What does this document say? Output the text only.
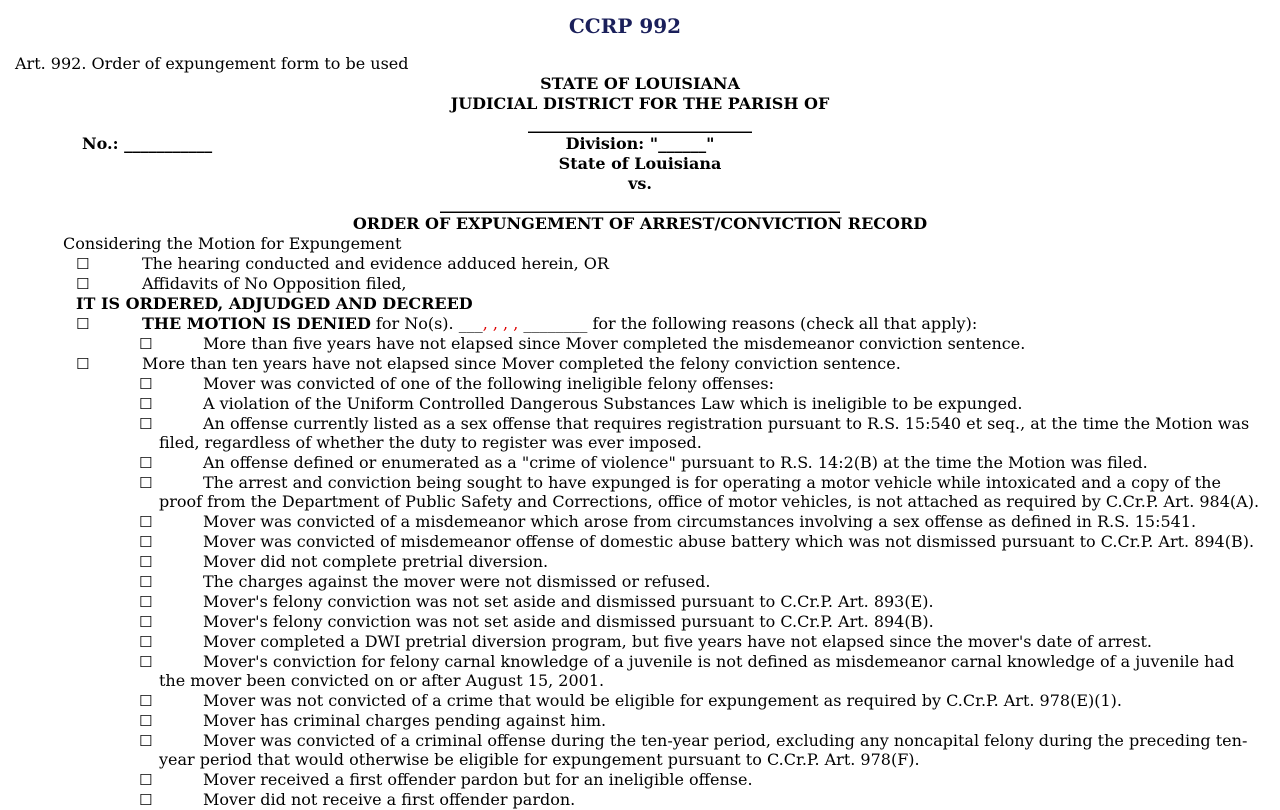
CCRP 992
Art. 992. Order of expungement form to be used
STATE OF LOUISIANA
JUDICIAL DISTRICT FOR THE PARISH OF
____________________________
Division: "______"
No.: ___________
State of Louisiana
vs.
__________________________________________________
ORDER OF EXPUNGEMENT OF ARREST/CONVICTION RECORD
Considering the Motion for Expungement
☐	The hearing conducted and evidence adduced herein, OR
☐	Affidavits of No Opposition filed,
IT IS ORDERED, ADJUDGED AND DECREED
☐	THE MOTION IS DENIED for No(s). ___, , , , ________ for the following reasons (check all that apply):
☐	More than five years have not elapsed since Mover completed the misdemeanor conviction sentence.
☐	More than ten years have not elapsed since Mover completed the felony conviction sentence.
☐	Mover was convicted of one of the following ineligible felony offenses:
☐	A violation of the Uniform Controlled Dangerous Substances Law which is ineligible to be expunged.
☐	An offense currently listed as a sex offense that requires registration pursuant to R.S. 15:540 et seq., at the time the Motion was
filed, regardless of whether the duty to register was ever imposed.
☐	An offense defined or enumerated as a "crime of violence" pursuant to R.S. 14:2(B) at the time the Motion was filed.
☐	The arrest and conviction being sought to have expunged is for operating a motor vehicle while intoxicated and a copy of the
proof from the Department of Public Safety and Corrections, office of motor vehicles, is not attached as required by C.Cr.P. Art. 984(A).
☐	Mover was convicted of a misdemeanor which arose from circumstances involving a sex offense as defined in R.S. 15:541.
☐	Mover was convicted of misdemeanor offense of domestic abuse battery which was not dismissed pursuant to C.Cr.P. Art. 894(B).
☐	Mover did not complete pretrial diversion.
☐	The charges against the mover were not dismissed or refused.
☐	Mover's felony conviction was not set aside and dismissed pursuant to C.Cr.P. Art. 893(E).
☐	Mover's felony conviction was not set aside and dismissed pursuant to C.Cr.P. Art. 894(B).
☐	Mover completed a DWI pretrial diversion program, but five years have not elapsed since the mover's date of arrest.
☐	Mover's conviction for felony carnal knowledge of a juvenile is not defined as misdemeanor carnal knowledge of a juvenile had
the mover been convicted on or after August 15, 2001.
☐	Mover was not convicted of a crime that would be eligible for expungement as required by C.Cr.P. Art. 978(E)(1).
☐	Mover has criminal charges pending against him.
☐	Mover was convicted of a criminal offense during the ten-year period, excluding any noncapital felony during the preceding ten-
year period that would otherwise be eligible for expungement pursuant to C.Cr.P. Art. 978(F).
☐	Mover received a first offender pardon but for an ineligible offense.
☐	Mover did not receive a first offender pardon.
